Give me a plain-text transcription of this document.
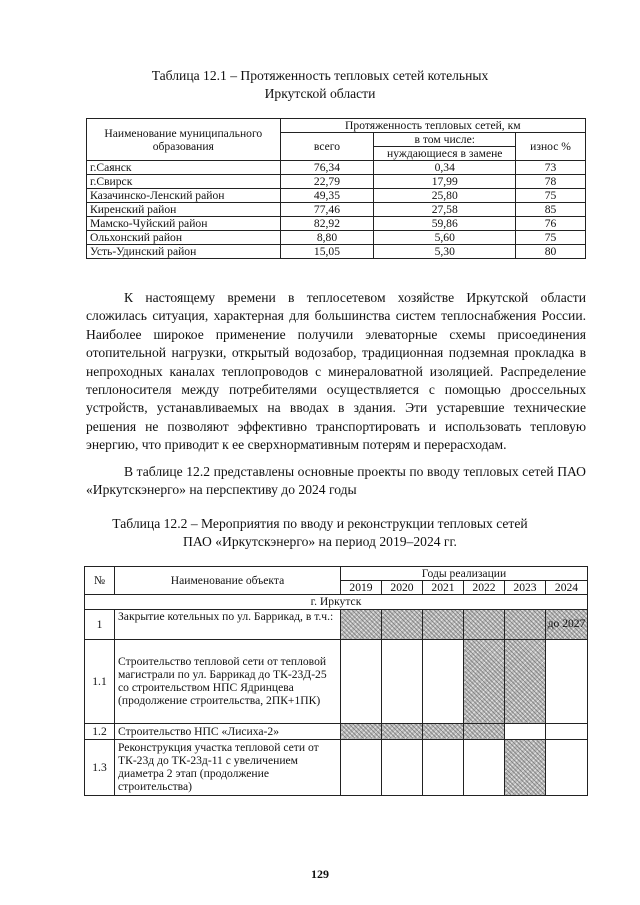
Таблица 12.1 – Протяженность тепловых сетей котельных
Иркутской области
Наименование муниципального образования	Протяженность тепловых сетей, км		
	всего	в том числе:	износ %
		нуждающиеся в замене	
г.Саянск	76,34	0,34	73
г.Свирск	22,79	17,99	78
Казачинско-Ленский район	49,35	25,80	75
Киренский район	77,46	27,58	85
Мамско-Чуйский район	82,92	59,86	76
Ольхонский район	8,80	5,60	75
Усть-Удинский район	15,05	5,30	80

К настоящему времени в теплосетевом хозяйстве Иркутской области сложилась ситуация, характерная для большинства систем теплоснабжения России. Наиболее широкое применение получили элеваторные схемы присоединения отопительной нагрузки, открытый водозабор, традиционная подземная прокладка в непроходных каналах теплопроводов с минераловатной изоляцией. Распределение теплоносителя между потребителями осуществляется с помощью дроссельных устройств, устанавливаемых на вводах в здания. Эти устаревшие технические решения не позволяют эффективно транспортировать и использовать тепловую энергию, что приводит к ее сверхнормативным потерям и перерасходам.

В таблице 12.2 представлены основные проекты по вводу тепловых сетей ПАО «Иркутскэнерго» на перспективу до 2024 годы

Таблица 12.2 – Мероприятия по вводу и реконструкции тепловых сетей
ПАО «Иркутскэнерго» на период 2019–2024 гг.
№	Наименование объекта	Годы реализации					
		2019	2020	2021	2022	2023	2024
г. Иркутск							
1	Закрытие котельных по ул. Баррикад, в т.ч.:						до 2027
1.1	Строительство тепловой сети от тепловой магистрали по ул. Баррикад до ТК-23Д-25 со строительством НПС Ядринцева (продолжение строительства, 2ПК+1ПК)						
1.2	Строительство НПС «Лисиха-2»						
1.3	Реконструкция участка тепловой сети от ТК-23д до ТК-23д-11 с увеличением диаметра 2 этап (продолжение строительства)						
129
